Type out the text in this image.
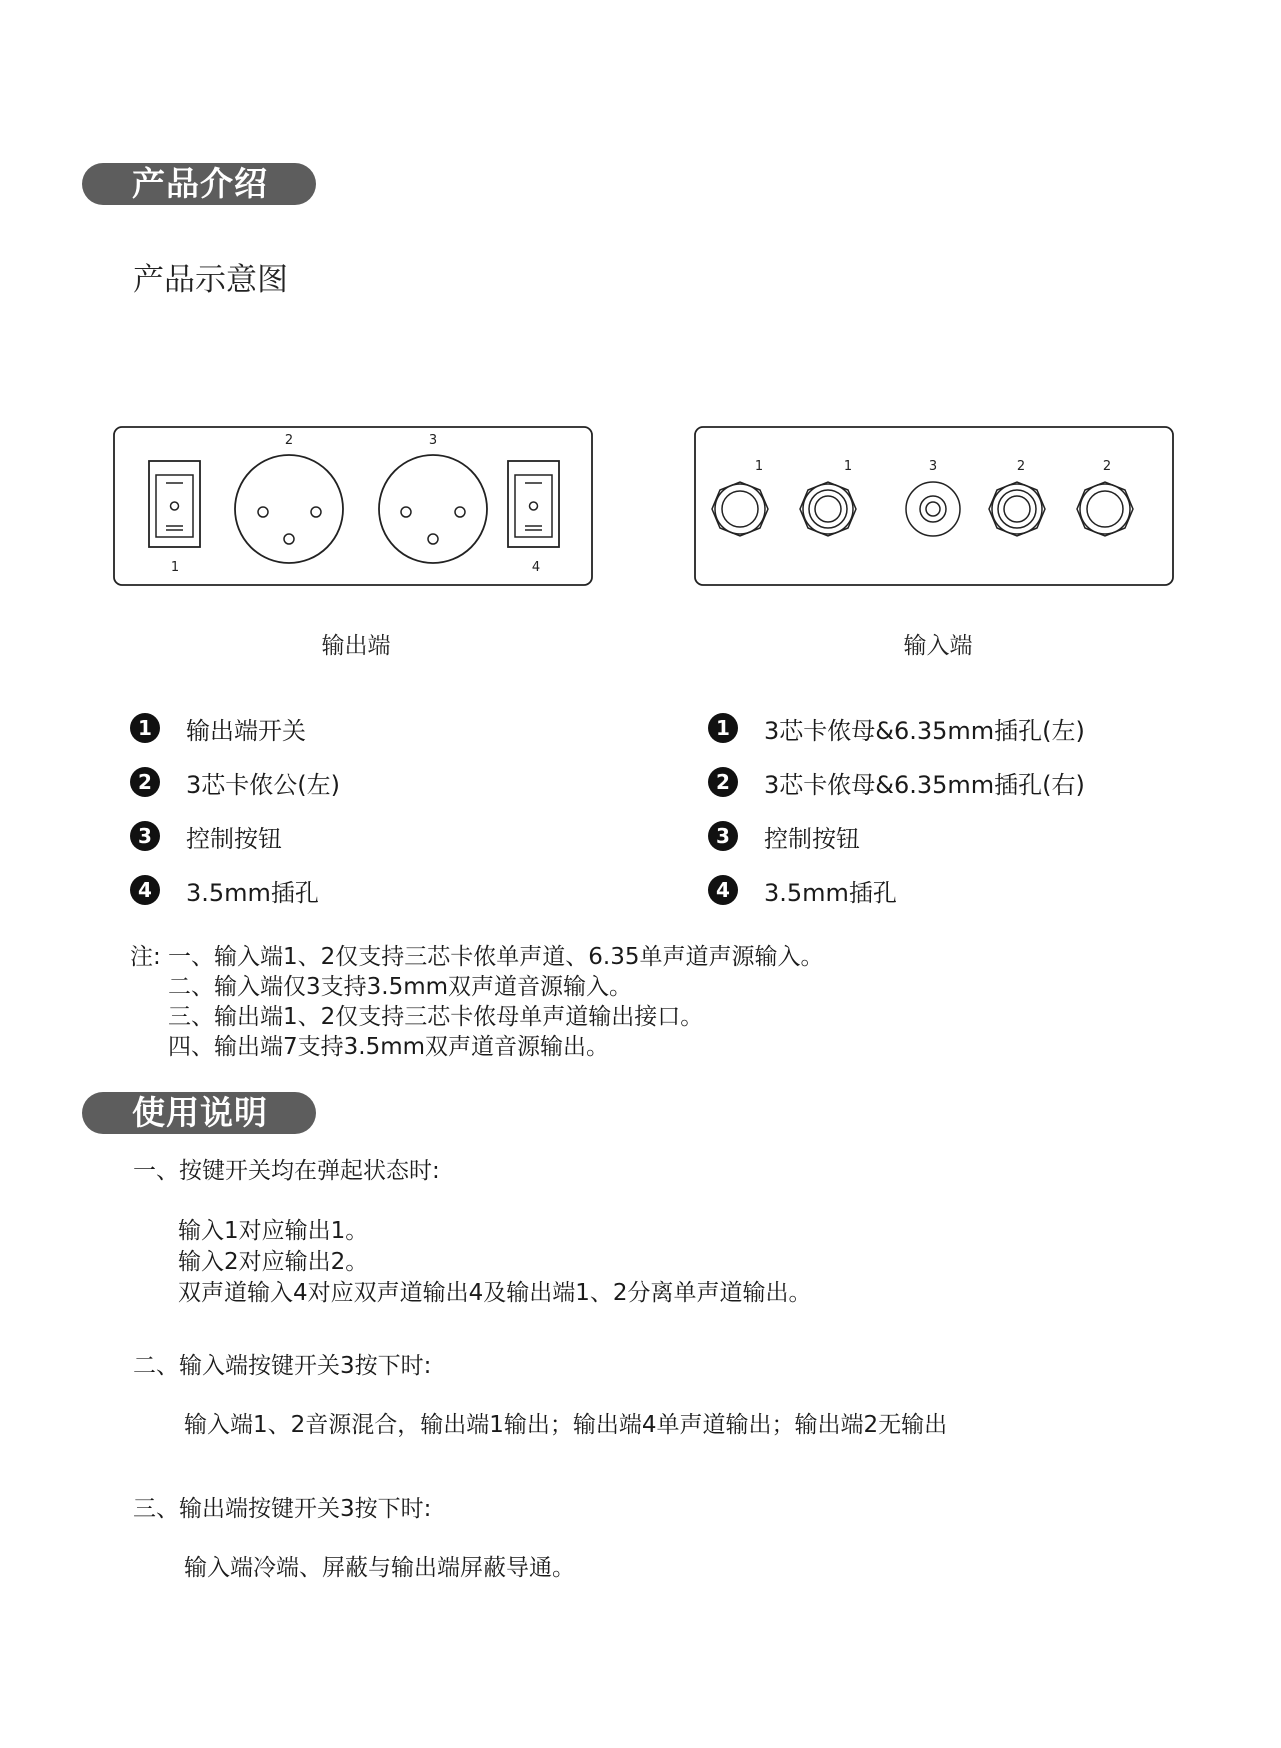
产品介绍
产品示意图
1
2	3
4
1	1	3	2	2
输出端	输入端
1	输出端开关
2	3芯卡侬公(左)
3	控制按钮
4	3.5mm插孔
1	3芯卡侬母&6.35mm插孔(左)
2	3芯卡侬母&6.35mm插孔(右)
3	控制按钮
4	3.5mm插孔
注: 一、输入端1、2仅支持三芯卡侬单声道、6.35单声道声源输入。
二、输入端仅3支持3.5mm双声道音源输入。
三、输出端1、2仅支持三芯卡侬母单声道输出接口。
四、输出端7支持3.5mm双声道音源输出。
使用说明
一、按键开关均在弹起状态时:
输入1对应输出1。
输入2对应输出2。
双声道输入4对应双声道输出4及输出端1、2分离单声道输出。
二、输入端按键开关3按下时:
输入端1、2音源混合，输出端1输出；输出端4单声道输出；输出端2无输出
三、输出端按键开关3按下时:
输入端冷端、屏蔽与输出端屏蔽导通。
